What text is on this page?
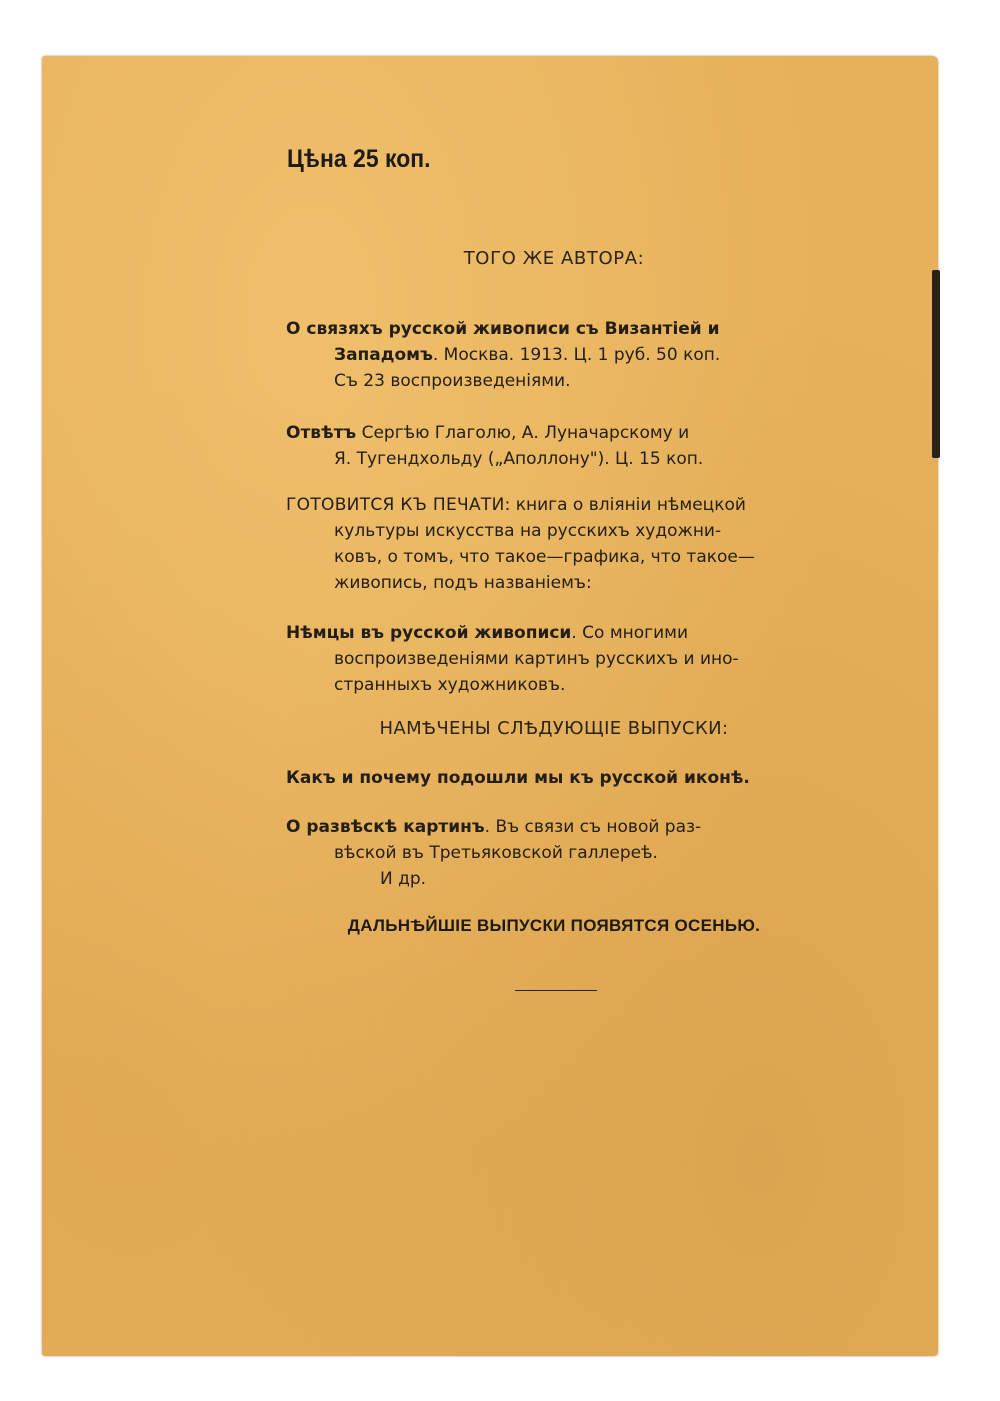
Цѣна 25 коп.
ТОГО ЖЕ АВТОРА:
О связяхъ русской живописи съ Византіей и
Западомъ. Москва. 1913. Ц. 1 руб. 50 коп.
Съ 23 воспроизведеніями.
Отвѣтъ Сергѣю Глаголю, А. Луначарскому и
Я. Тугендхольду („Аполлону"). Ц. 15 коп.
ГОТОВИТСЯ КЪ ПЕЧАТИ: книга о вліяніи нѣмецкой
культуры искусства на русскихъ художни-
ковъ, о томъ, что такое—графика, что такое—
живопись, подъ названіемъ:
Нѣмцы въ русской живописи. Со многими
воспроизведеніями картинъ русскихъ и ино-
странныхъ художниковъ.
НАМѢЧЕНЫ СЛѢДУЮЩІЕ ВЫПУСКИ:
Какъ и почему подошли мы къ русской иконѣ.
О развѣскѣ картинъ. Въ связи съ новой раз-
вѣской въ Третьяковской галлереѣ.
И др.
ДАЛЬНѢЙШІЕ ВЫПУСКИ ПОЯВЯТСЯ ОСЕНЬЮ.
